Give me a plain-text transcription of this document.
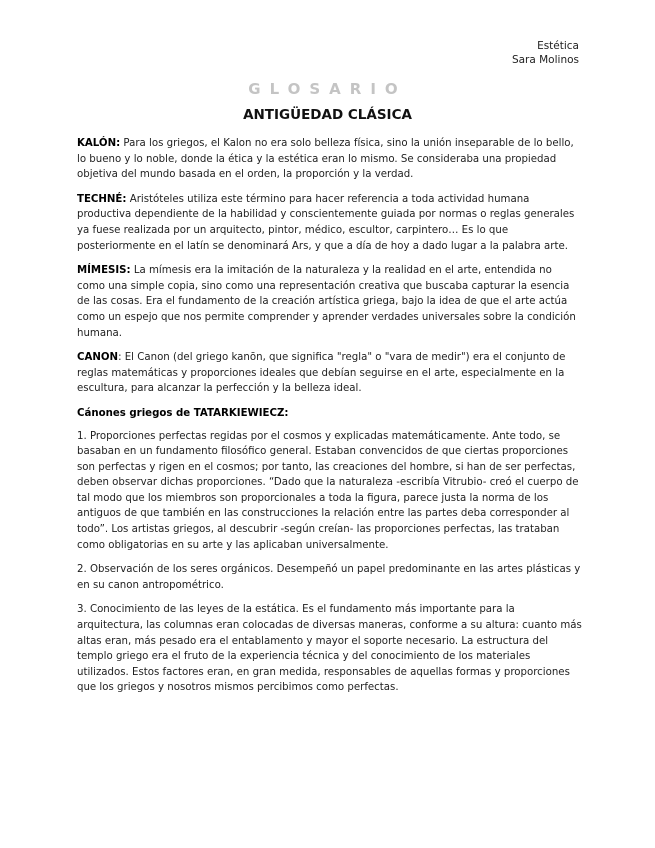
Estética
Sara Molinos
GLOSARIO
ANTIGÜEDAD CLÁSICA

KALÓN: Para los griegos, el Kalon no era solo belleza física, sino la unión inseparable de lo bello, lo bueno y lo noble, donde la ética y la estética eran lo mismo. Se consideraba una propiedad objetiva del mundo basada en el orden, la proporción y la verdad.

TECHNÉ: Aristóteles utiliza este término para hacer referencia a toda actividad humana productiva dependiente de la habilidad y conscientemente guiada por normas o reglas generales ya fuese realizada por un arquitecto, pintor, médico, escultor, carpintero… Es lo que posteriormente en el latín se denominará Ars, y que a día de hoy a dado lugar a la palabra arte.

MÍMESIS: La mímesis era la imitación de la naturaleza y la realidad en el arte, entendida no como una simple copia, sino como una representación creativa que buscaba capturar la esencia de las cosas. Era el fundamento de la creación artística griega, bajo la idea de que el arte actúa como un espejo que nos permite comprender y aprender verdades universales sobre la condición humana.

CANON: El Canon (del griego kanōn, que significa "regla" o "vara de medir") era el conjunto de reglas matemáticas y proporciones ideales que debían seguirse en el arte, especialmente en la escultura, para alcanzar la perfección y la belleza ideal.

Cánones griegos de TATARKIEWIECZ:

1. Proporciones perfectas regidas por el cosmos y explicadas matemáticamente. Ante todo, se basaban en un fundamento filosófico general. Estaban convencidos de que ciertas proporciones son perfectas y rigen en el cosmos; por tanto, las creaciones del hombre, si han de ser perfectas, deben observar dichas proporciones. “Dado que la naturaleza -escribía Vitrubio- creó el cuerpo de tal modo que los miembros son proporcionales a toda la figura, parece justa la norma de los antiguos de que también en las construcciones la relación entre las partes deba corresponder al todo”. Los artistas griegos, al descubrir -según creían- las proporciones perfectas, las trataban como obligatorias en su arte y las aplicaban universalmente.

2. Observación de los seres orgánicos. Desempeñó un papel predominante en las artes plásticas y en su canon antropométrico.

3. Conocimiento de las leyes de la estática. Es el fundamento más importante para la arquitectura, las columnas eran colocadas de diversas maneras, conforme a su altura: cuanto más altas eran, más pesado era el entablamento y mayor el soporte necesario. La estructura del templo griego era el fruto de la experiencia técnica y del conocimiento de los materiales utilizados. Estos factores eran, en gran medida, responsables de aquellas formas y proporciones que los griegos y nosotros mismos percibimos como perfectas.
